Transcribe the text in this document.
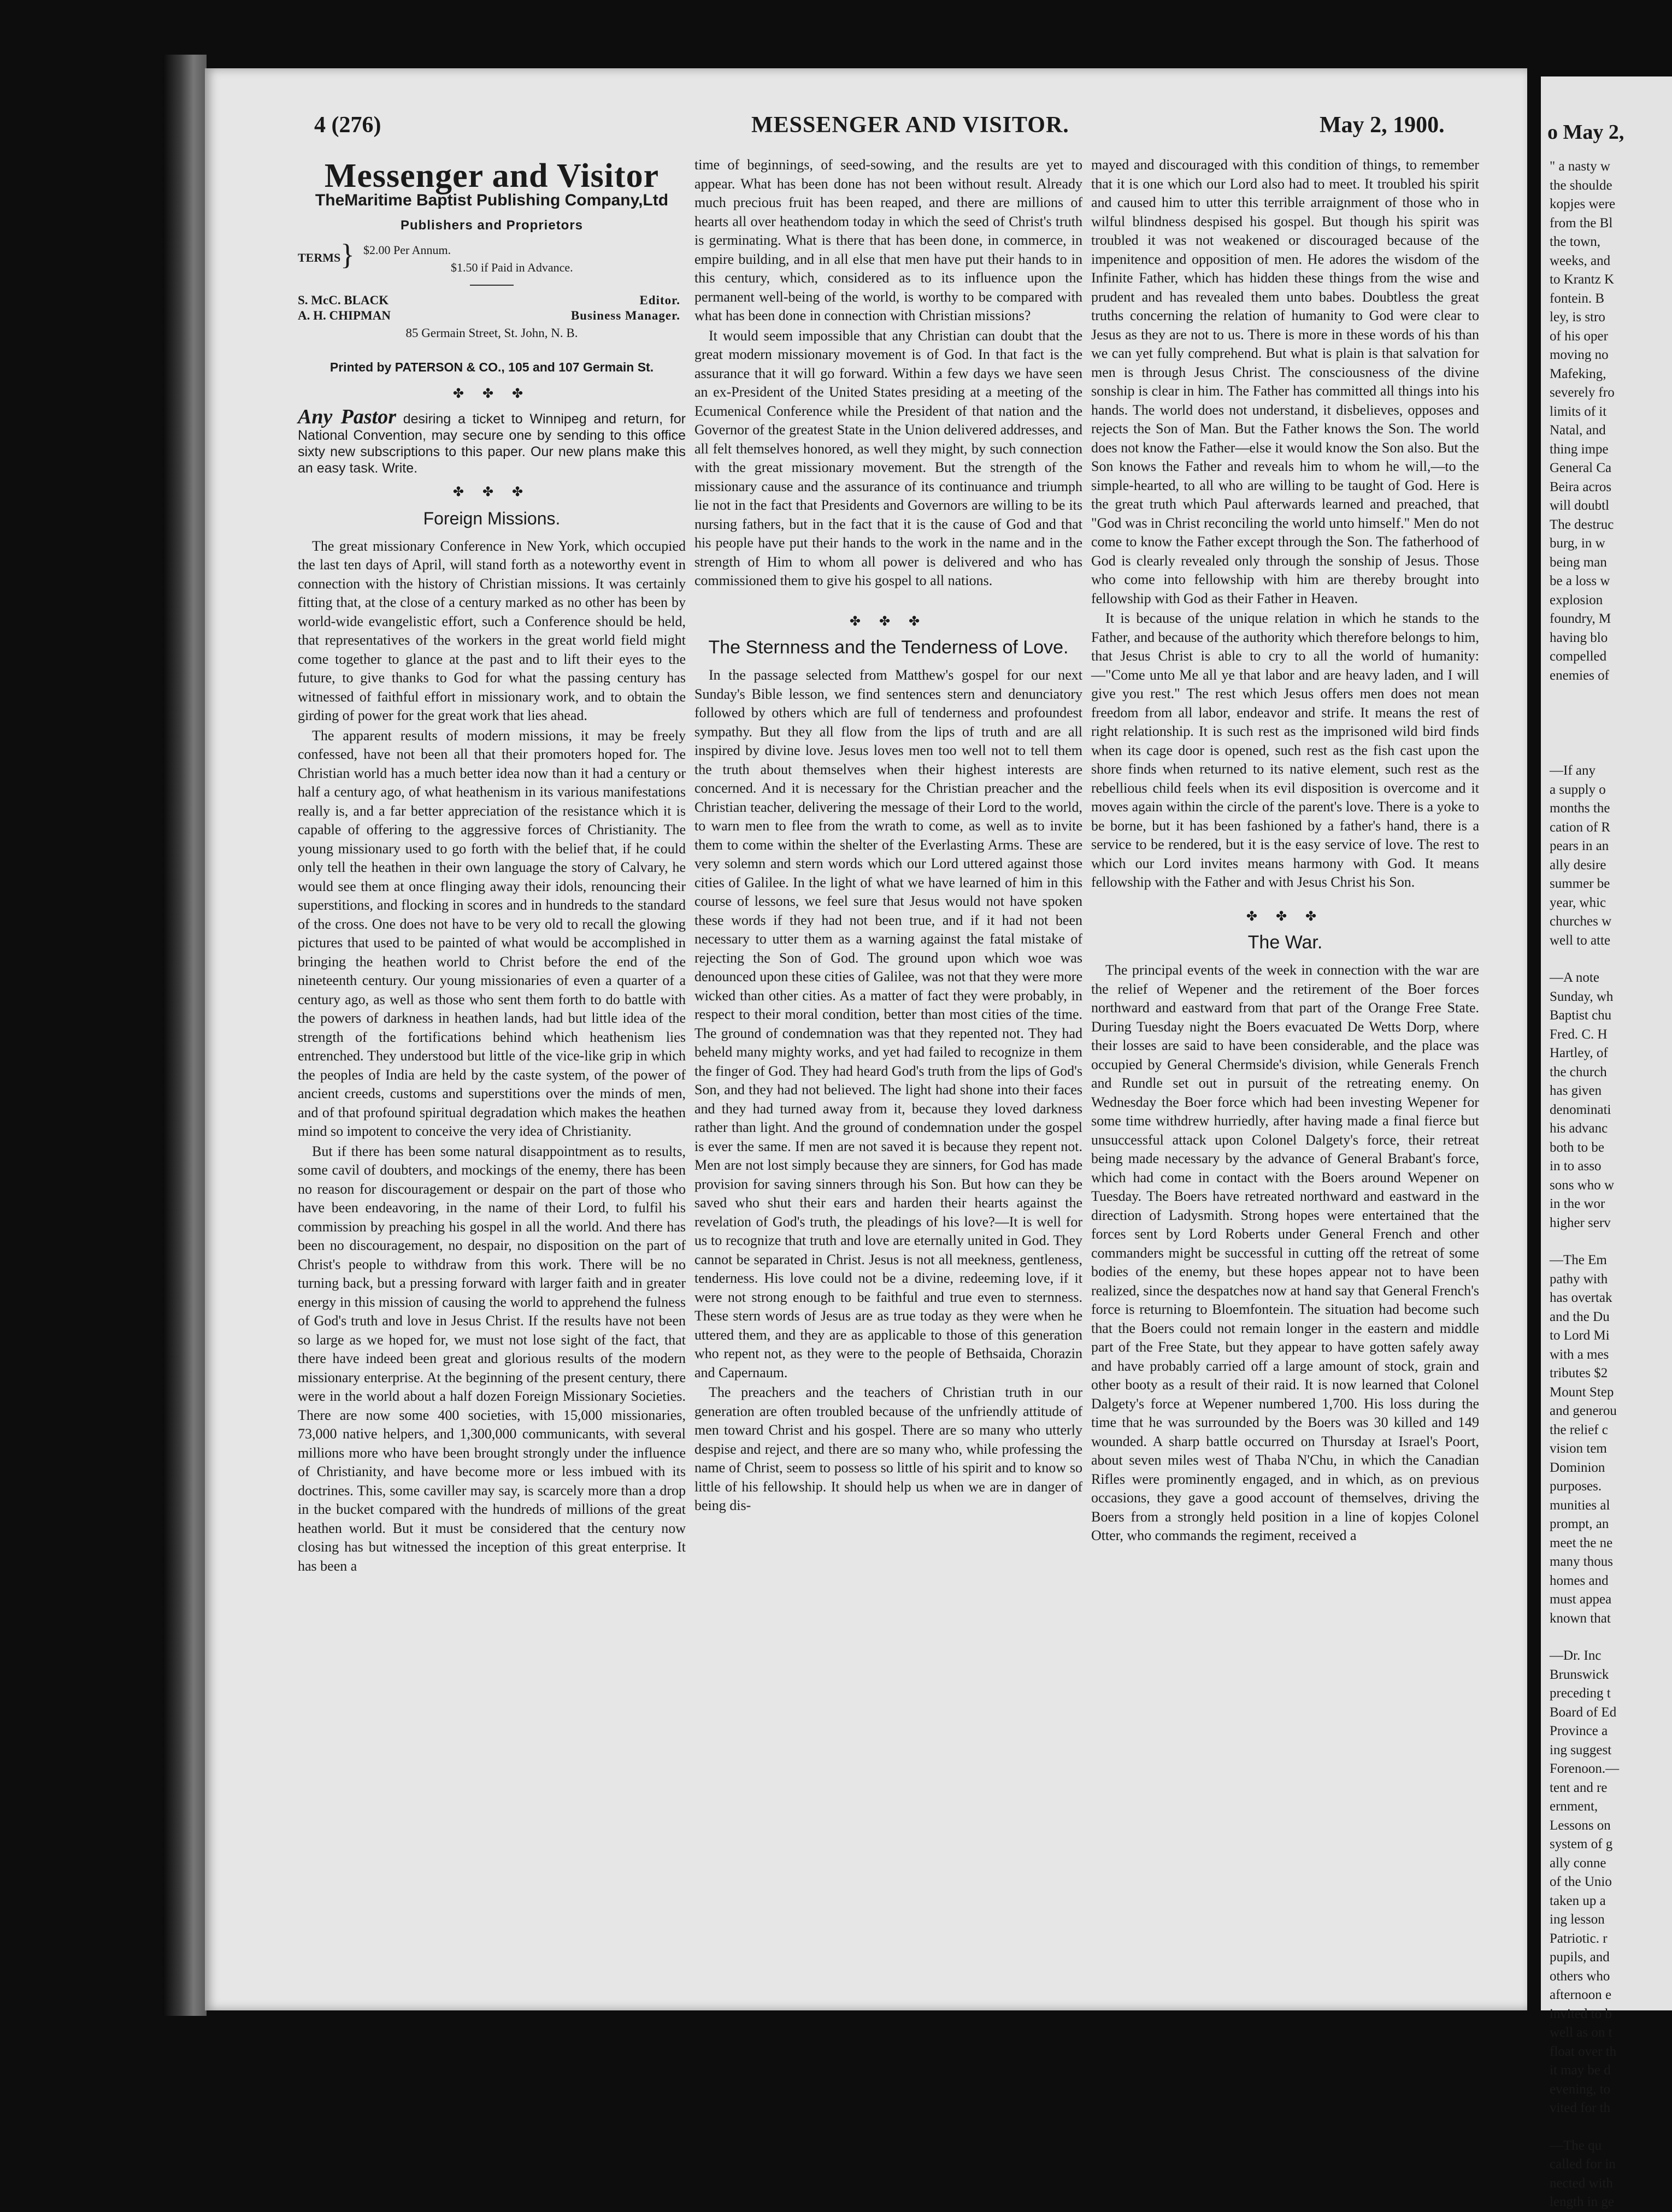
4 (276)	MESSENGER AND VISITOR.	May 2, 1900.
Messenger and Visitor
TheMaritime Baptist Publishing Company,Ltd
Publishers and Proprietors
TERMS } $2.00 Per Annum.
$1.50 if Paid in Advance.
S. McC. BLACK	Editor.
A. H. CHIPMAN	Business Manager.
85 Germain Street, St. John, N. B.
Printed by PATERSON & CO., 105 and 107 Germain St.
✤ ✤ ✤
Any Pastor desiring a ticket to Winnipeg and return, for National Convention, may secure one by sending to this office sixty new subscriptions to this paper. Our new plans make this an easy task. Write.
✤ ✤ ✤
Foreign Missions.

The great missionary Conference in New York, which occupied the last ten days of April, will stand forth as a noteworthy event in connection with the history of Christian missions. It was certainly fitting that, at the close of a century marked as no other has been by world-wide evangelistic effort, such a Conference should be held, that representatives of the workers in the great world field might come together to glance at the past and to lift their eyes to the future, to give thanks to God for what the passing century has witnessed of faithful effort in missionary work, and to obtain the girding of power for the great work that lies ahead.

The apparent results of modern missions, it may be freely confessed, have not been all that their promoters hoped for. The Christian world has a much better idea now than it had a century or half a century ago, of what heathenism in its various manifestations really is, and a far better appreciation of the resistance which it is capable of offering to the aggressive forces of Christianity. The young missionary used to go forth with the belief that, if he could only tell the heathen in their own language the story of Calvary, he would see them at once flinging away their idols, renouncing their superstitions, and flocking in scores and in hundreds to the standard of the cross. One does not have to be very old to recall the glowing pictures that used to be painted of what would be accomplished in bringing the heathen world to Christ before the end of the nineteenth century. Our young missionaries of even a quarter of a century ago, as well as those who sent them forth to do battle with the powers of darkness in heathen lands, had but little idea of the strength of the fortifications behind which heathenism lies entrenched. They understood but little of the vice-like grip in which the peoples of India are held by the caste system, of the power of ancient creeds, customs and superstitions over the minds of men, and of that profound spiritual degradation which makes the heathen mind so impotent to conceive the very idea of Christianity.

But if there has been some natural disappointment as to results, some cavil of doubters, and mockings of the enemy, there has been no reason for discouragement or despair on the part of those who have been endeavoring, in the name of their Lord, to fulfil his commission by preaching his gospel in all the world. And there has been no discouragement, no despair, no disposition on the part of Christ's people to withdraw from this work. There will be no turning back, but a pressing forward with larger faith and in greater energy in this mission of causing the world to apprehend the fulness of God's truth and love in Jesus Christ. If the results have not been so large as we hoped for, we must not lose sight of the fact, that there have indeed been great and glorious results of the modern missionary enterprise. At the beginning of the present century, there were in the world about a half dozen Foreign Missionary Societies. There are now some 400 societies, with 15,000 missionaries, 73,000 native helpers, and 1,300,000 communicants, with several millions more who have been brought strongly under the influence of Christianity, and have become more or less imbued with its doctrines. This, some caviller may say, is scarcely more than a drop in the bucket compared with the hundreds of millions of the great heathen world. But it must be considered that the century now closing has but witnessed the inception of this great enterprise. It has been a

time of beginnings, of seed-sowing, and the results are yet to appear. What has been done has not been without result. Already much precious fruit has been reaped, and there are millions of hearts all over heathendom today in which the seed of Christ's truth is germinating. What is there that has been done, in commerce, in empire building, and in all else that men have put their hands to in this century, which, considered as to its influence upon the permanent well-being of the world, is worthy to be compared with what has been done in connection with Christian missions?

It would seem impossible that any Christian can doubt that the great modern missionary movement is of God. In that fact is the assurance that it will go forward. Within a few days we have seen an ex-President of the United States presiding at a meeting of the Ecumenical Conference while the President of that nation and the Governor of the greatest State in the Union delivered addresses, and all felt themselves honored, as well they might, by such connection with the great missionary movement. But the strength of the missionary cause and the assurance of its continuance and triumph lie not in the fact that Presidents and Governors are willing to be its nursing fathers, but in the fact that it is the cause of God and that his people have put their hands to the work in the name and in the strength of Him to whom all power is delivered and who has commissioned them to give his gospel to all nations.

✤ ✤ ✤
The Sternness and the Tenderness of Love.

In the passage selected from Matthew's gospel for our next Sunday's Bible lesson, we find sentences stern and denunciatory followed by others which are full of tenderness and profoundest sympathy. But they all flow from the lips of truth and are all inspired by divine love. Jesus loves men too well not to tell them the truth about themselves when their highest interests are concerned. And it is necessary for the Christian preacher and the Christian teacher, delivering the message of their Lord to the world, to warn men to flee from the wrath to come, as well as to invite them to come within the shelter of the Everlasting Arms. These are very solemn and stern words which our Lord uttered against those cities of Galilee. In the light of what we have learned of him in this course of lessons, we feel sure that Jesus would not have spoken these words if they had not been true, and if it had not been necessary to utter them as a warning against the fatal mistake of rejecting the Son of God. The ground upon which woe was denounced upon these cities of Galilee, was not that they were more wicked than other cities. As a matter of fact they were probably, in respect to their moral condition, better than most cities of the time. The ground of condemnation was that they repented not. They had beheld many mighty works, and yet had failed to recognize in them the finger of God. They had heard God's truth from the lips of God's Son, and they had not believed. The light had shone into their faces and they had turned away from it, because they loved darkness rather than light. And the ground of condemnation under the gospel is ever the same. If men are not saved it is because they repent not. Men are not lost simply because they are sinners, for God has made provision for saving sinners through his Son. But how can they be saved who shut their ears and harden their hearts against the revelation of God's truth, the pleadings of his love?—It is well for us to recognize that truth and love are eternally united in God. They cannot be separated in Christ. Jesus is not all meekness, gentleness, tenderness. His love could not be a divine, redeeming love, if it were not strong enough to be faithful and true even to sternness. These stern words of Jesus are as true today as they were when he uttered them, and they are as applicable to those of this generation who repent not, as they were to the people of Bethsaida, Chorazin and Capernaum.

The preachers and the teachers of Christian truth in our generation are often troubled because of the unfriendly attitude of men toward Christ and his gospel. There are so many who utterly despise and reject, and there are so many who, while professing the name of Christ, seem to possess so little of his spirit and to know so little of his fellowship. It should help us when we are in danger of being dis-

mayed and discouraged with this condition of things, to remember that it is one which our Lord also had to meet. It troubled his spirit and caused him to utter this terrible arraignment of those who in wilful blindness despised his gospel. But though his spirit was troubled it was not weakened or discouraged because of the impenitence and opposition of men. He adores the wisdom of the Infinite Father, which has hidden these things from the wise and prudent and has revealed them unto babes. Doubtless the great truths concerning the relation of humanity to God were clear to Jesus as they are not to us. There is more in these words of his than we can yet fully comprehend. But what is plain is that salvation for men is through Jesus Christ. The consciousness of the divine sonship is clear in him. The Father has committed all things into his hands. The world does not understand, it disbelieves, opposes and rejects the Son of Man. But the Father knows the Son. The world does not know the Father—else it would know the Son also. But the Son knows the Father and reveals him to whom he will,—to the simple-hearted, to all who are willing to be taught of God. Here is the great truth which Paul afterwards learned and preached, that "God was in Christ reconciling the world unto himself." Men do not come to know the Father except through the Son. The fatherhood of God is clearly revealed only through the sonship of Jesus. Those who come into fellowship with him are thereby brought into fellowship with God as their Father in Heaven.

It is because of the unique relation in which he stands to the Father, and because of the authority which therefore belongs to him, that Jesus Christ is able to cry to all the world of humanity:—"Come unto Me all ye that labor and are heavy laden, and I will give you rest." The rest which Jesus offers men does not mean freedom from all labor, endeavor and strife. It means the rest of right relationship. It is such rest as the imprisoned wild bird finds when its cage door is opened, such rest as the fish cast upon the shore finds when returned to its native element, such rest as the rebellious child feels when its evil disposition is overcome and it moves again within the circle of the parent's love. There is a yoke to be borne, but it has been fashioned by a father's hand, there is a service to be rendered, but it is the easy service of love. The rest to which our Lord invites means harmony with God. It means fellowship with the Father and with Jesus Christ his Son.

✤ ✤ ✤
The War.

The principal events of the week in connection with the war are the relief of Wepener and the retirement of the Boer forces northward and eastward from that part of the Orange Free State. During Tuesday night the Boers evacuated De Wetts Dorp, where their losses are said to have been considerable, and the place was occupied by General Chermside's division, while Generals French and Rundle set out in pursuit of the retreating enemy. On Wednesday the Boer force which had been investing Wepener for some time withdrew hurriedly, after having made a final fierce but unsuccessful attack upon Colonel Dalgety's force, their retreat being made necessary by the advance of General Brabant's force, which had come in contact with the Boers around Wepener on Tuesday. The Boers have retreated northward and eastward in the direction of Ladysmith. Strong hopes were entertained that the forces sent by Lord Roberts under General French and other commanders might be successful in cutting off the retreat of some bodies of the enemy, but these hopes appear not to have been realized, since the despatches now at hand say that General French's force is returning to Bloemfontein. The situation had become such that the Boers could not remain longer in the eastern and middle part of the Free State, but they appear to have gotten safely away and have probably carried off a large amount of stock, grain and other booty as a result of their raid. It is now learned that Colonel Dalgety's force at Wepener numbered 1,700. His loss during the time that he was surrounded by the Boers was 30 killed and 149 wounded. A sharp battle occurred on Thursday at Israel's Poort, about seven miles west of Thaba N'Chu, in which the Canadian Rifles were prominently engaged, and in which, as on previous occasions, they gave a good account of themselves, driving the Boers from a strongly held position in a line of kopjes Colonel Otter, who commands the regiment, received a

o May 2,
" a nasty w
the shoulde
kopjes were
from the Bl
the town,
weeks, and
to Krantz K
fontein. B
ley, is stro
of his oper
moving no
Mafeking,
severely fro
limits of it
Natal, and
thing impe
General Ca
Beira acros
will doubtl
The destruc
burg, in w
being man
be a loss w
explosion
foundry, M
having blo
compelled
enemies of
—If any
a supply o
months the
cation of R
pears in an
ally desire
summer be
year, whic
churches w
well to atte
—A note
Sunday, wh
Baptist chu
Fred. C. H
Hartley, of
the church
has given
denominati
his advanc
both to be
in to asso
sons who w
in the wor
higher serv
—The Em
pathy with
has overtak
and the Du
to Lord Mi
with a mes
tributes $2
Mount Step
and generou
the relief c
vision tem
Dominion
purposes.
munities al
prompt, an
meet the ne
many thous
homes and
must appea
known that
—Dr. Inc
Brunswick
preceding t
Board of Ed
Province a
ing suggest
Forenoon.—
tent and re
ernment,
Lessons on
system of g
ally conne
of the Unio
taken up a
ing lesson
Patriotic. r
pupils, and
others who
afternoon e
invited to b
well as on t
float over th
it may be d
evening, to
vited for th
—The qu
called for in
nected with
length in ge
